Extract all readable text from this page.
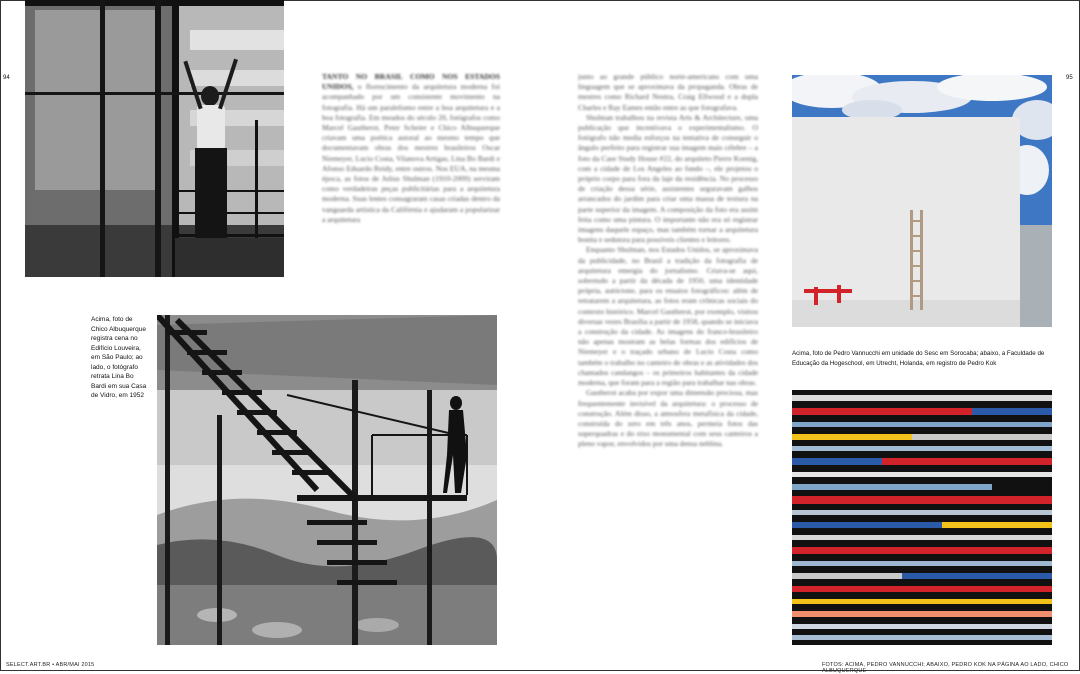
94	95
Acima, foto de Chico Albuquerque registra cena no Edifício Louveira, em São Paulo; ao lado, o fotógrafo retrata Lina Bo Bardi em sua Casa de Vidro, em 1952

TANTO NO BRASIL COMO NOS ESTADOS UNIDOS, o florescimento da arquitetura moderna foi acompanhado por um consistente movimento na fotografia. Há um paralelismo entre a boa arquitetura e a boa fotografia. Em meados do século 20, fotógrafos como Marcel Gautherot, Peter Scheier e Chico Albuquerque criavam uma poética autoral ao mesmo tempo que documentavam obras dos mestres brasileiros Oscar Niemeyer, Lucio Costa, Vilanova Artigas, Lina Bo Bardi e Afonso Eduardo Reidy, entre outros. Nos EUA, na mesma época, as fotos de Julius Shulman (1910-2009) serviram como verdadeiras peças publicitárias para a arquitetura moderna. Suas lentes consagraram casas criadas dentro da vanguarda artística da Califórnia e ajudaram a popularizar a arquitetura

junto ao grande público norte-americano com uma linguagem que se aproximava da propaganda. Obras de mestres como Richard Neutra, Craig Ellwood e a dupla Charles e Ray Eames então entre as que fotografava.

Shulman trabalhou na revista Arts & Architecture, uma publicação que incentivava o experimentalismo. O fotógrafo não media esforços na tentativa de conseguir o ângulo perfeito para registrar sua imagem mais célebre – a foto da Case Study House #22, do arquiteto Pierre Koenig, com a cidade de Los Angeles ao fundo –, ele projetou o próprio corpo para fora da laje da residência. No processo de criação dessa série, assistentes seguravam galhos arrancados do jardim para criar uma massa de textura na parte superior da imagem. A composição da foto era assim feita como uma pintura. O importante não era só registrar imagens daquele espaço, mas também tornar a arquitetura bonita e sedutora para possíveis clientes e leitores.

Enquanto Shulman, nos Estados Unidos, se aproximava da publicidade, no Brasil a tradição da fotografia de arquitetura emergia do jornalismo. Criava-se aqui, sobretudo a partir da década de 1950, uma identidade própria, autóctone, para os ensaios fotográficos: além de retratarem a arquitetura, as fotos eram crônicas sociais do contexto histórico. Marcel Gautherot, por exemplo, visitou diversas vezes Brasília a partir de 1958, quando se iniciava a construção da cidade. As imagens do franco-brasileiro não apenas mostram as belas formas dos edifícios de Niemeyer e o traçado urbano de Lucio Costa como também o trabalho no canteiro de obras e as atividades dos chamados candangos – os primeiros habitantes da cidade moderna, que foram para a região para trabalhar nas obras.

Gautherot acaba por expor uma dimensão preciosa, mas frequentemente invisível da arquitetura: o processo de construção. Além disso, a atmosfera metafísica da cidade, construída do zero em três anos, permeia fotos das superquadras e do eixo monumental com seus canteiros a pleno vapor, envolvidos por uma densa neblina.

Acima, foto de Pedro Vannucchi em unidade do Sesc em Sorocaba; abaixo, a Faculdade de Educação da Hogeschool, em Utrecht, Holanda, em registro de Pedro Kok
SELECT.ART.BR • ABR/MAI 2015	FOTOS: ACIMA, PEDRO VANNUCCHI; ABAIXO, PEDRO KOK NA PÁGINA AO LADO, CHICO ALBUQUERQUE
